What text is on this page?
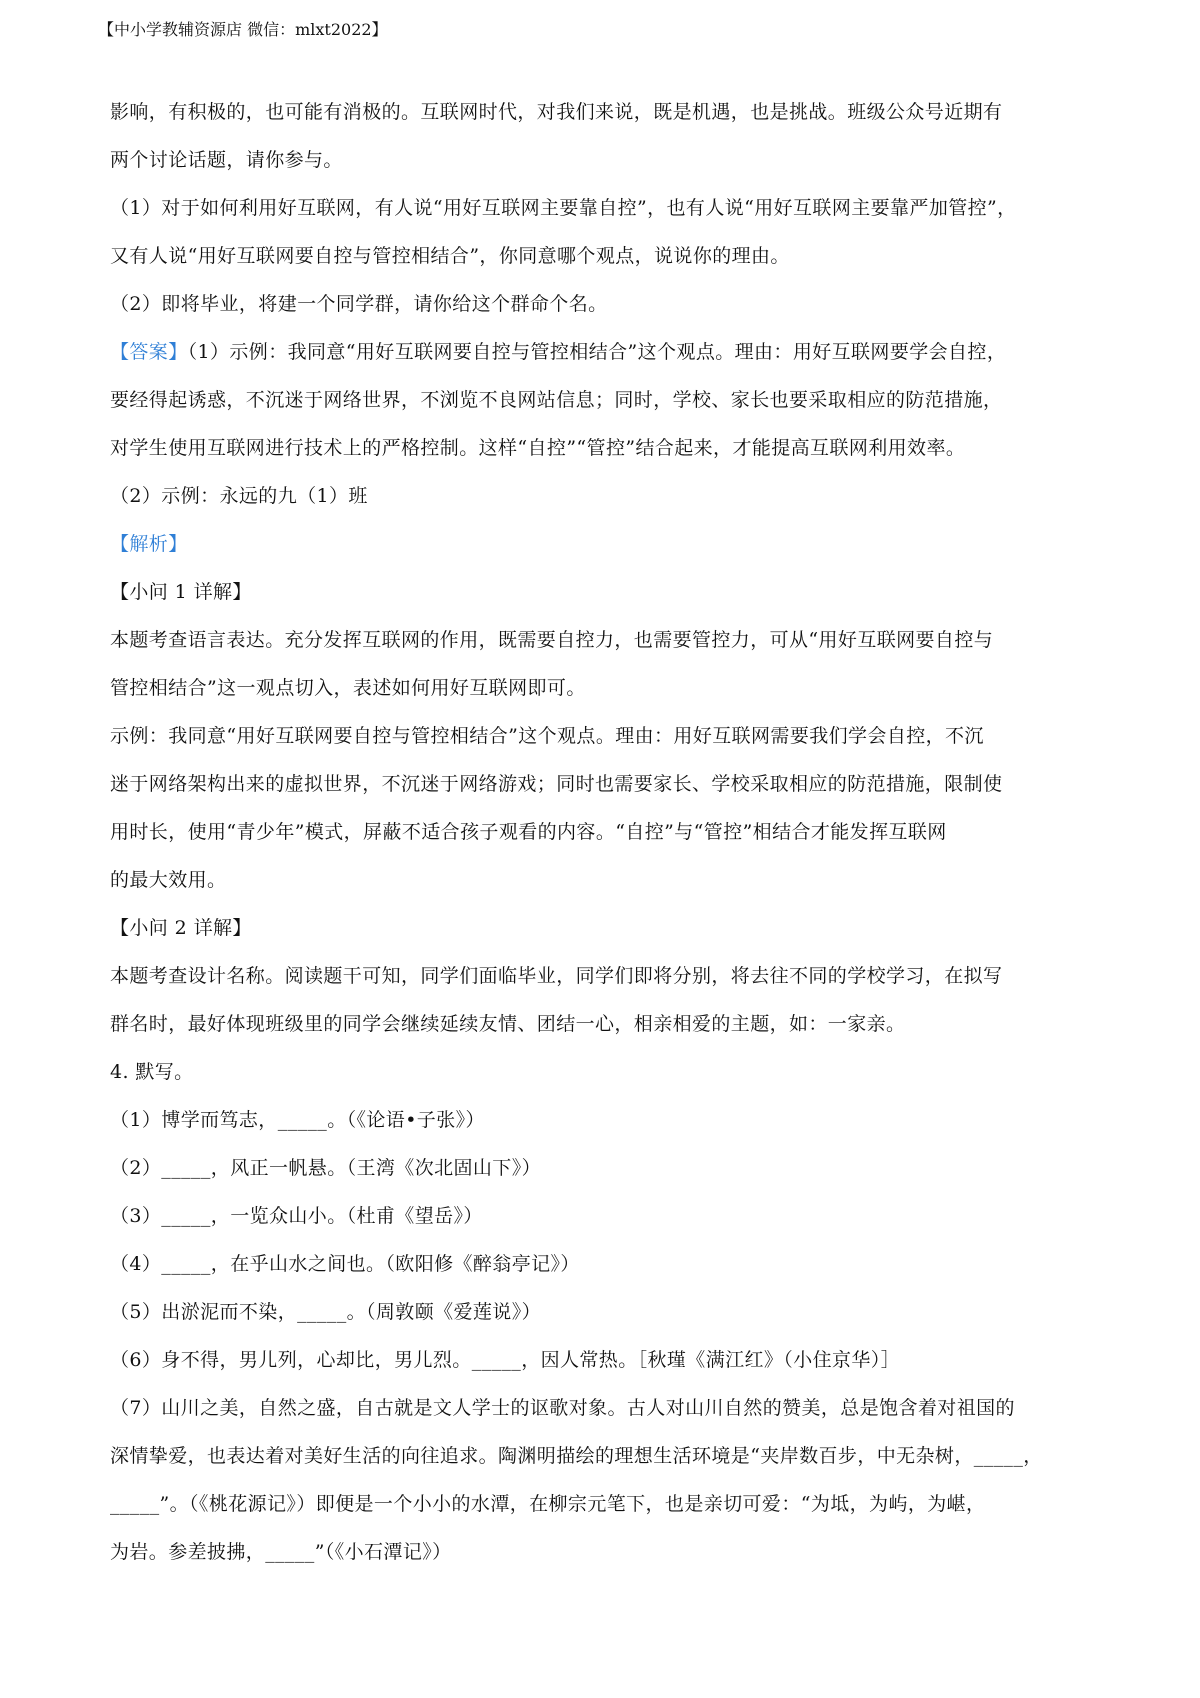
【中小学教辅资源店 微信：mlxt2022】
影响，有积极的，也可能有消极的。互联网时代，对我们来说，既是机遇，也是挑战。班级公众号近期有
两个讨论话题，请你参与。
（1）对于如何利用好互联网，有人说“用好互联网主要靠自控”，也有人说“用好互联网主要靠严加管控”，
又有人说“用好互联网要自控与管控相结合”，你同意哪个观点，说说你的理由。
（2）即将毕业，将建一个同学群，请你给这个群命个名。
【答案】（1）示例：我同意“用好互联网要自控与管控相结合”这个观点。理由：用好互联网要学会自控，
要经得起诱惑，不沉迷于网络世界，不浏览不良网站信息；同时，学校、家长也要采取相应的防范措施，
对学生使用互联网进行技术上的严格控制。这样“自控”“管控”结合起来，才能提高互联网利用效率。
（2）示例：永远的九（1）班
【解析】
【小问 1 详解】
本题考查语言表达。充分发挥互联网的作用，既需要自控力，也需要管控力，可从“用好互联网要自控与
管控相结合”这一观点切入，表述如何用好互联网即可。
示例：我同意“用好互联网要自控与管控相结合”这个观点。理由：用好互联网需要我们学会自控，不沉
迷于网络架构出来的虚拟世界，不沉迷于网络游戏；同时也需要家长、学校采取相应的防范措施，限制使
用时长，使用“青少年”模式，屏蔽不适合孩子观看的内容。“自控”与“管控”相结合才能发挥互联网
的最大效用。
【小问 2 详解】
本题考查设计名称。阅读题干可知，同学们面临毕业，同学们即将分别，将去往不同的学校学习，在拟写
群名时，最好体现班级里的同学会继续延续友情、团结一心，相亲相爱的主题，如：一家亲。
4. 默写。
（1）博学而笃志，_____。（《论语•子张》）
（2）_____，风正一帆悬。（王湾《次北固山下》）
（3）_____，一览众山小。（杜甫《望岳》）
（4）_____，在乎山水之间也。（欧阳修《醉翁亭记》）
（5）出淤泥而不染，_____。（周敦颐《爱莲说》）
（6）身不得，男儿列，心却比，男儿烈。_____，因人常热。［秋瑾《满江红》（小住京华）］
（7）山川之美，自然之盛，自古就是文人学士的讴歌对象。古人对山川自然的赞美，总是饱含着对祖国的
深情挚爱，也表达着对美好生活的向往追求。陶渊明描绘的理想生活环境是“夹岸数百步，中无杂树，_____，
_____”。（《桃花源记》）即便是一个小小的水潭，在柳宗元笔下，也是亲切可爱：“为坻，为屿，为嵁，
为岩。参差披拂，_____”（《小石潭记》）
